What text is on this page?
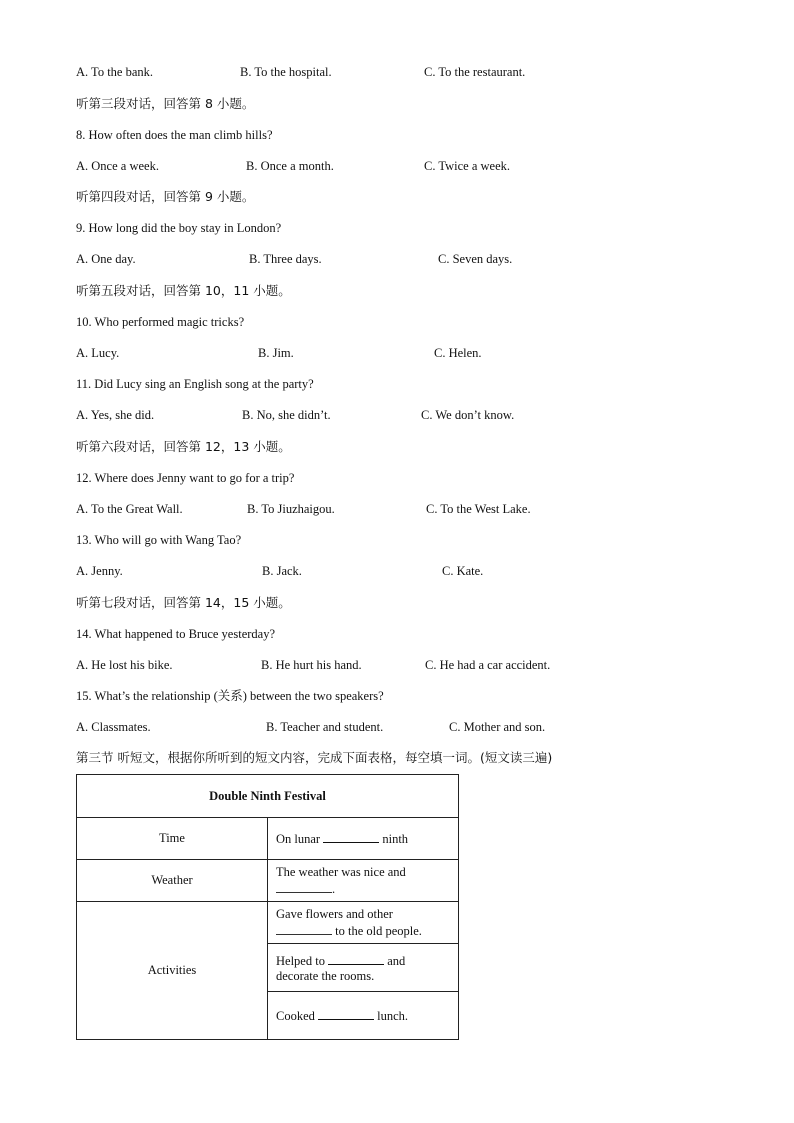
A. To the bank.	B. To the hospital.	C. To the restaurant.
听第三段对话，回答第 8 小题。
8. How often does the man climb hills?
A. Once a week.	B. Once a month.	C. Twice a week.
听第四段对话，回答第 9 小题。
9. How long did the boy stay in London?
A. One day.	B. Three days.	C. Seven days.
听第五段对话，回答第 10，11 小题。
10. Who performed magic tricks?
A. Lucy.	B. Jim.	C. Helen.
11. Did Lucy sing an English song at the party?
A. Yes, she did.	B. No, she didn’t.	C. We don’t know.
听第六段对话，回答第 12，13 小题。
12. Where does Jenny want to go for a trip?
A. To the Great Wall.	B. To Jiuzhaigou.	C. To the West Lake.
13. Who will go with Wang Tao?
A. Jenny.	B. Jack.	C. Kate.
听第七段对话，回答第 14，15 小题。
14. What happened to Bruce yesterday?
A. He lost his bike.	B. He hurt his hand.	C. He had a car accident.
15. What’s the relationship (关系) between the two speakers?
A. Classmates.	B. Teacher and student.	C. Mother and son.
第三节 听短文，根据你所听到的短文内容，完成下面表格，每空填一词。(短文读三遍)
Double Ninth Festival	
Time	On lunar ninth
Weather	The weather was nice and .
Activities	Gave flowers and other  to the old people.
	Helped to and decorate the rooms.
	Cooked lunch.
